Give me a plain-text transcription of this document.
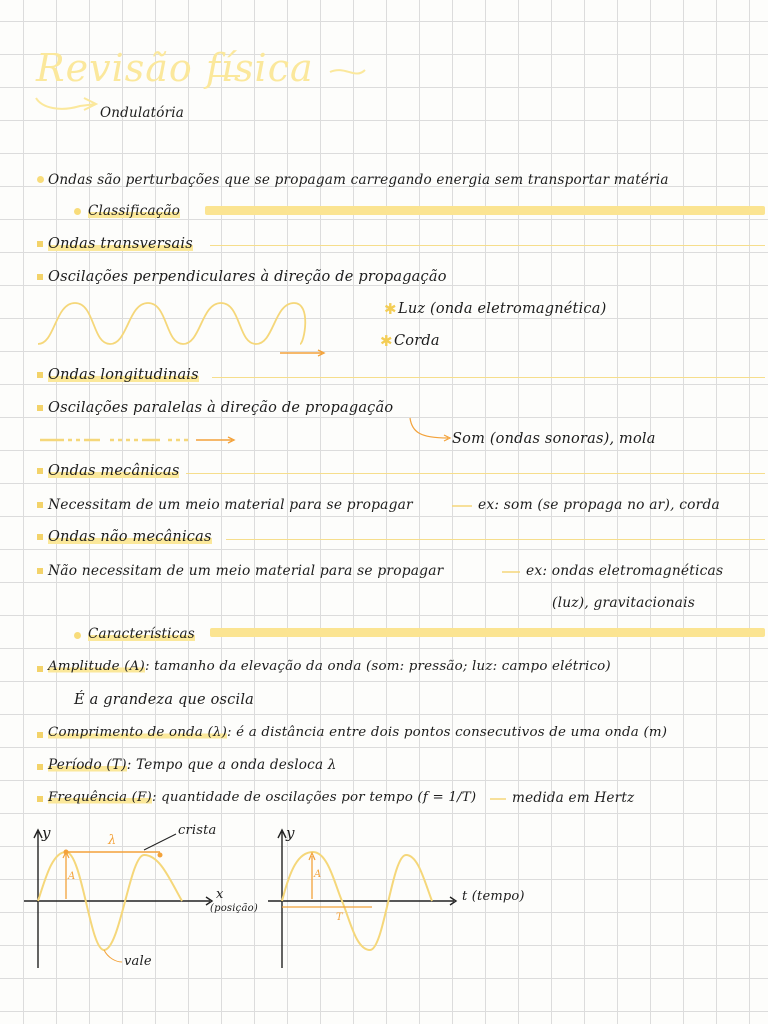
Revisão física
Ondulatória
Ondas são perturbações que se propagam carregando energia sem transportar matéria
Classificação
Ondas transversais
Oscilações perpendiculares à direção de propagação
✱ Luz (onda eletromagnética)
✱ Corda
Ondas longitudinais
Oscilações paralelas à direção de propagação
Som (ondas sonoras), mola
Ondas mecânicas
Necessitam de um meio material para se propagar	ex: som (se propaga no ar), corda
Ondas não mecânicas
Não necessitam de um meio material para se propagar	ex: ondas eletromagnéticas
(luz), gravitacionais
Características
Amplitude (A): tamanho da elevação da onda (som: pressão; luz: campo elétrico)
É a grandeza que oscila
Comprimento de onda (λ): é a distância entre dois pontos consecutivos de uma onda (m)
Período (T): Tempo que a onda desloca λ
Frequência (F): quantidade de oscilações por tempo (f = 1/T)	medida em Hertz
y
x
(posição)
λ
A
crista
vale
y
t (tempo)
A
T
